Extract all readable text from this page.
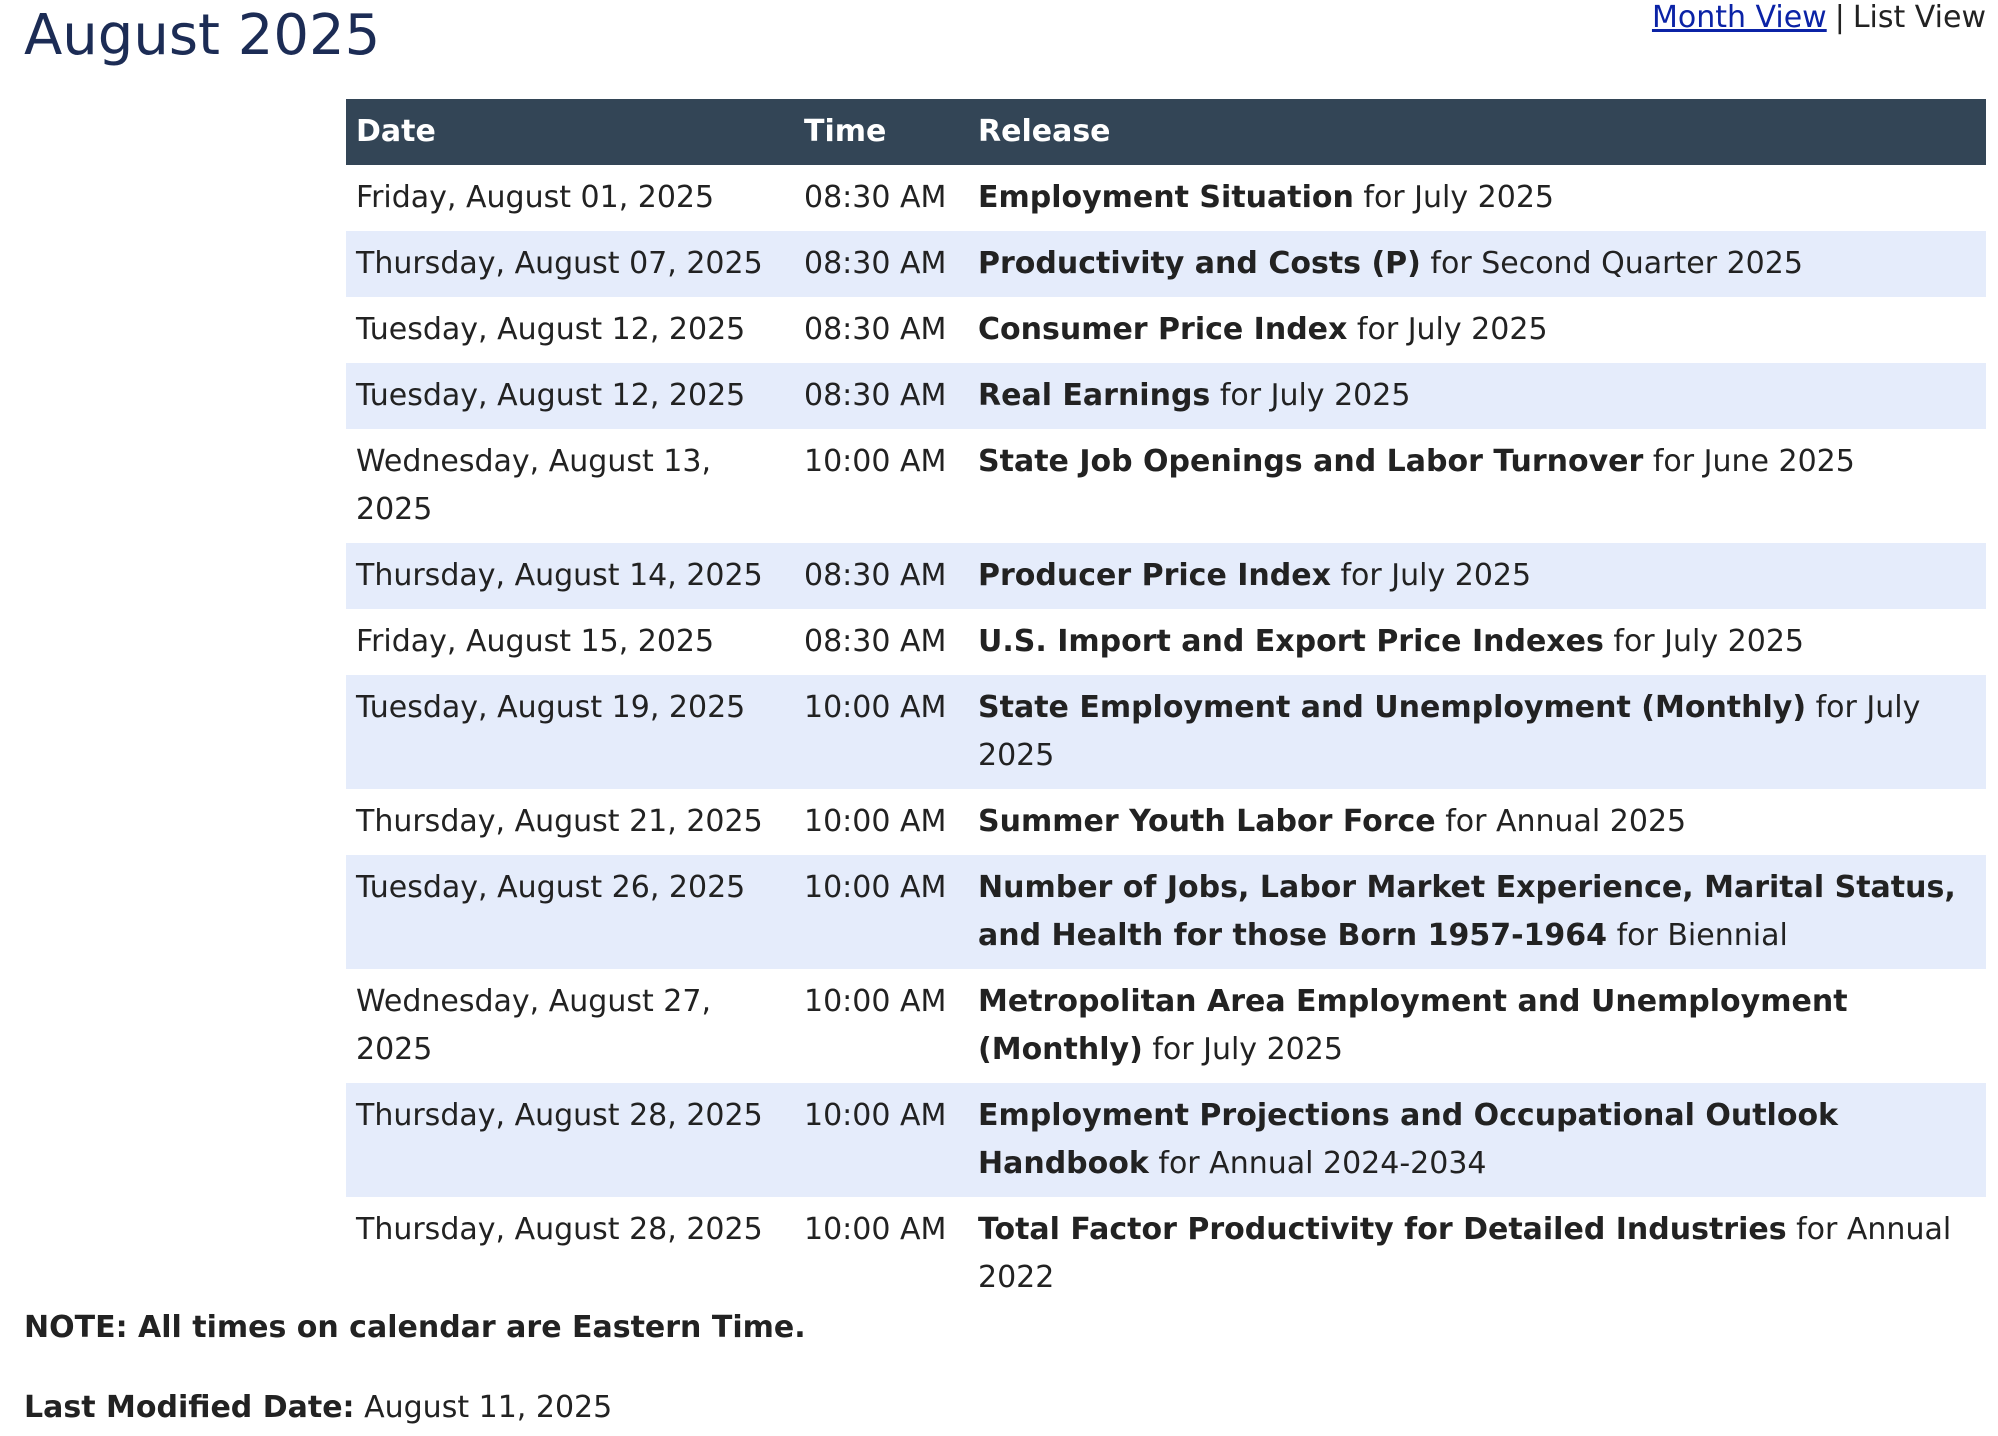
August 2025	Month View | List View
Date	Time	Release
Friday, August 01, 2025	08:30 AM	Employment Situation for July 2025
Thursday, August 07, 2025	08:30 AM	Productivity and Costs (P) for Second Quarter 2025
Tuesday, August 12, 2025	08:30 AM	Consumer Price Index for July 2025
Tuesday, August 12, 2025	08:30 AM	Real Earnings for July 2025
Wednesday, August 13, 2025	10:00 AM	State Job Openings and Labor Turnover for June 2025
Thursday, August 14, 2025	08:30 AM	Producer Price Index for July 2025
Friday, August 15, 2025	08:30 AM	U.S. Import and Export Price Indexes for July 2025
Tuesday, August 19, 2025	10:00 AM	State Employment and Unemployment (Monthly) for July 2025
Thursday, August 21, 2025	10:00 AM	Summer Youth Labor Force for Annual 2025
Tuesday, August 26, 2025	10:00 AM	Number of Jobs, Labor Market Experience, Marital Status, and Health for those Born 1957-1964 for Biennial
Wednesday, August 27, 2025	10:00 AM	Metropolitan Area Employment and Unemployment (Monthly) for July 2025
Thursday, August 28, 2025	10:00 AM	Employment Projections and Occupational Outlook Handbook for Annual 2024-2034
Thursday, August 28, 2025	10:00 AM	Total Factor Productivity for Detailed Industries for Annual 2022

NOTE: All times on calendar are Eastern Time.

Last Modified Date: August 11, 2025
